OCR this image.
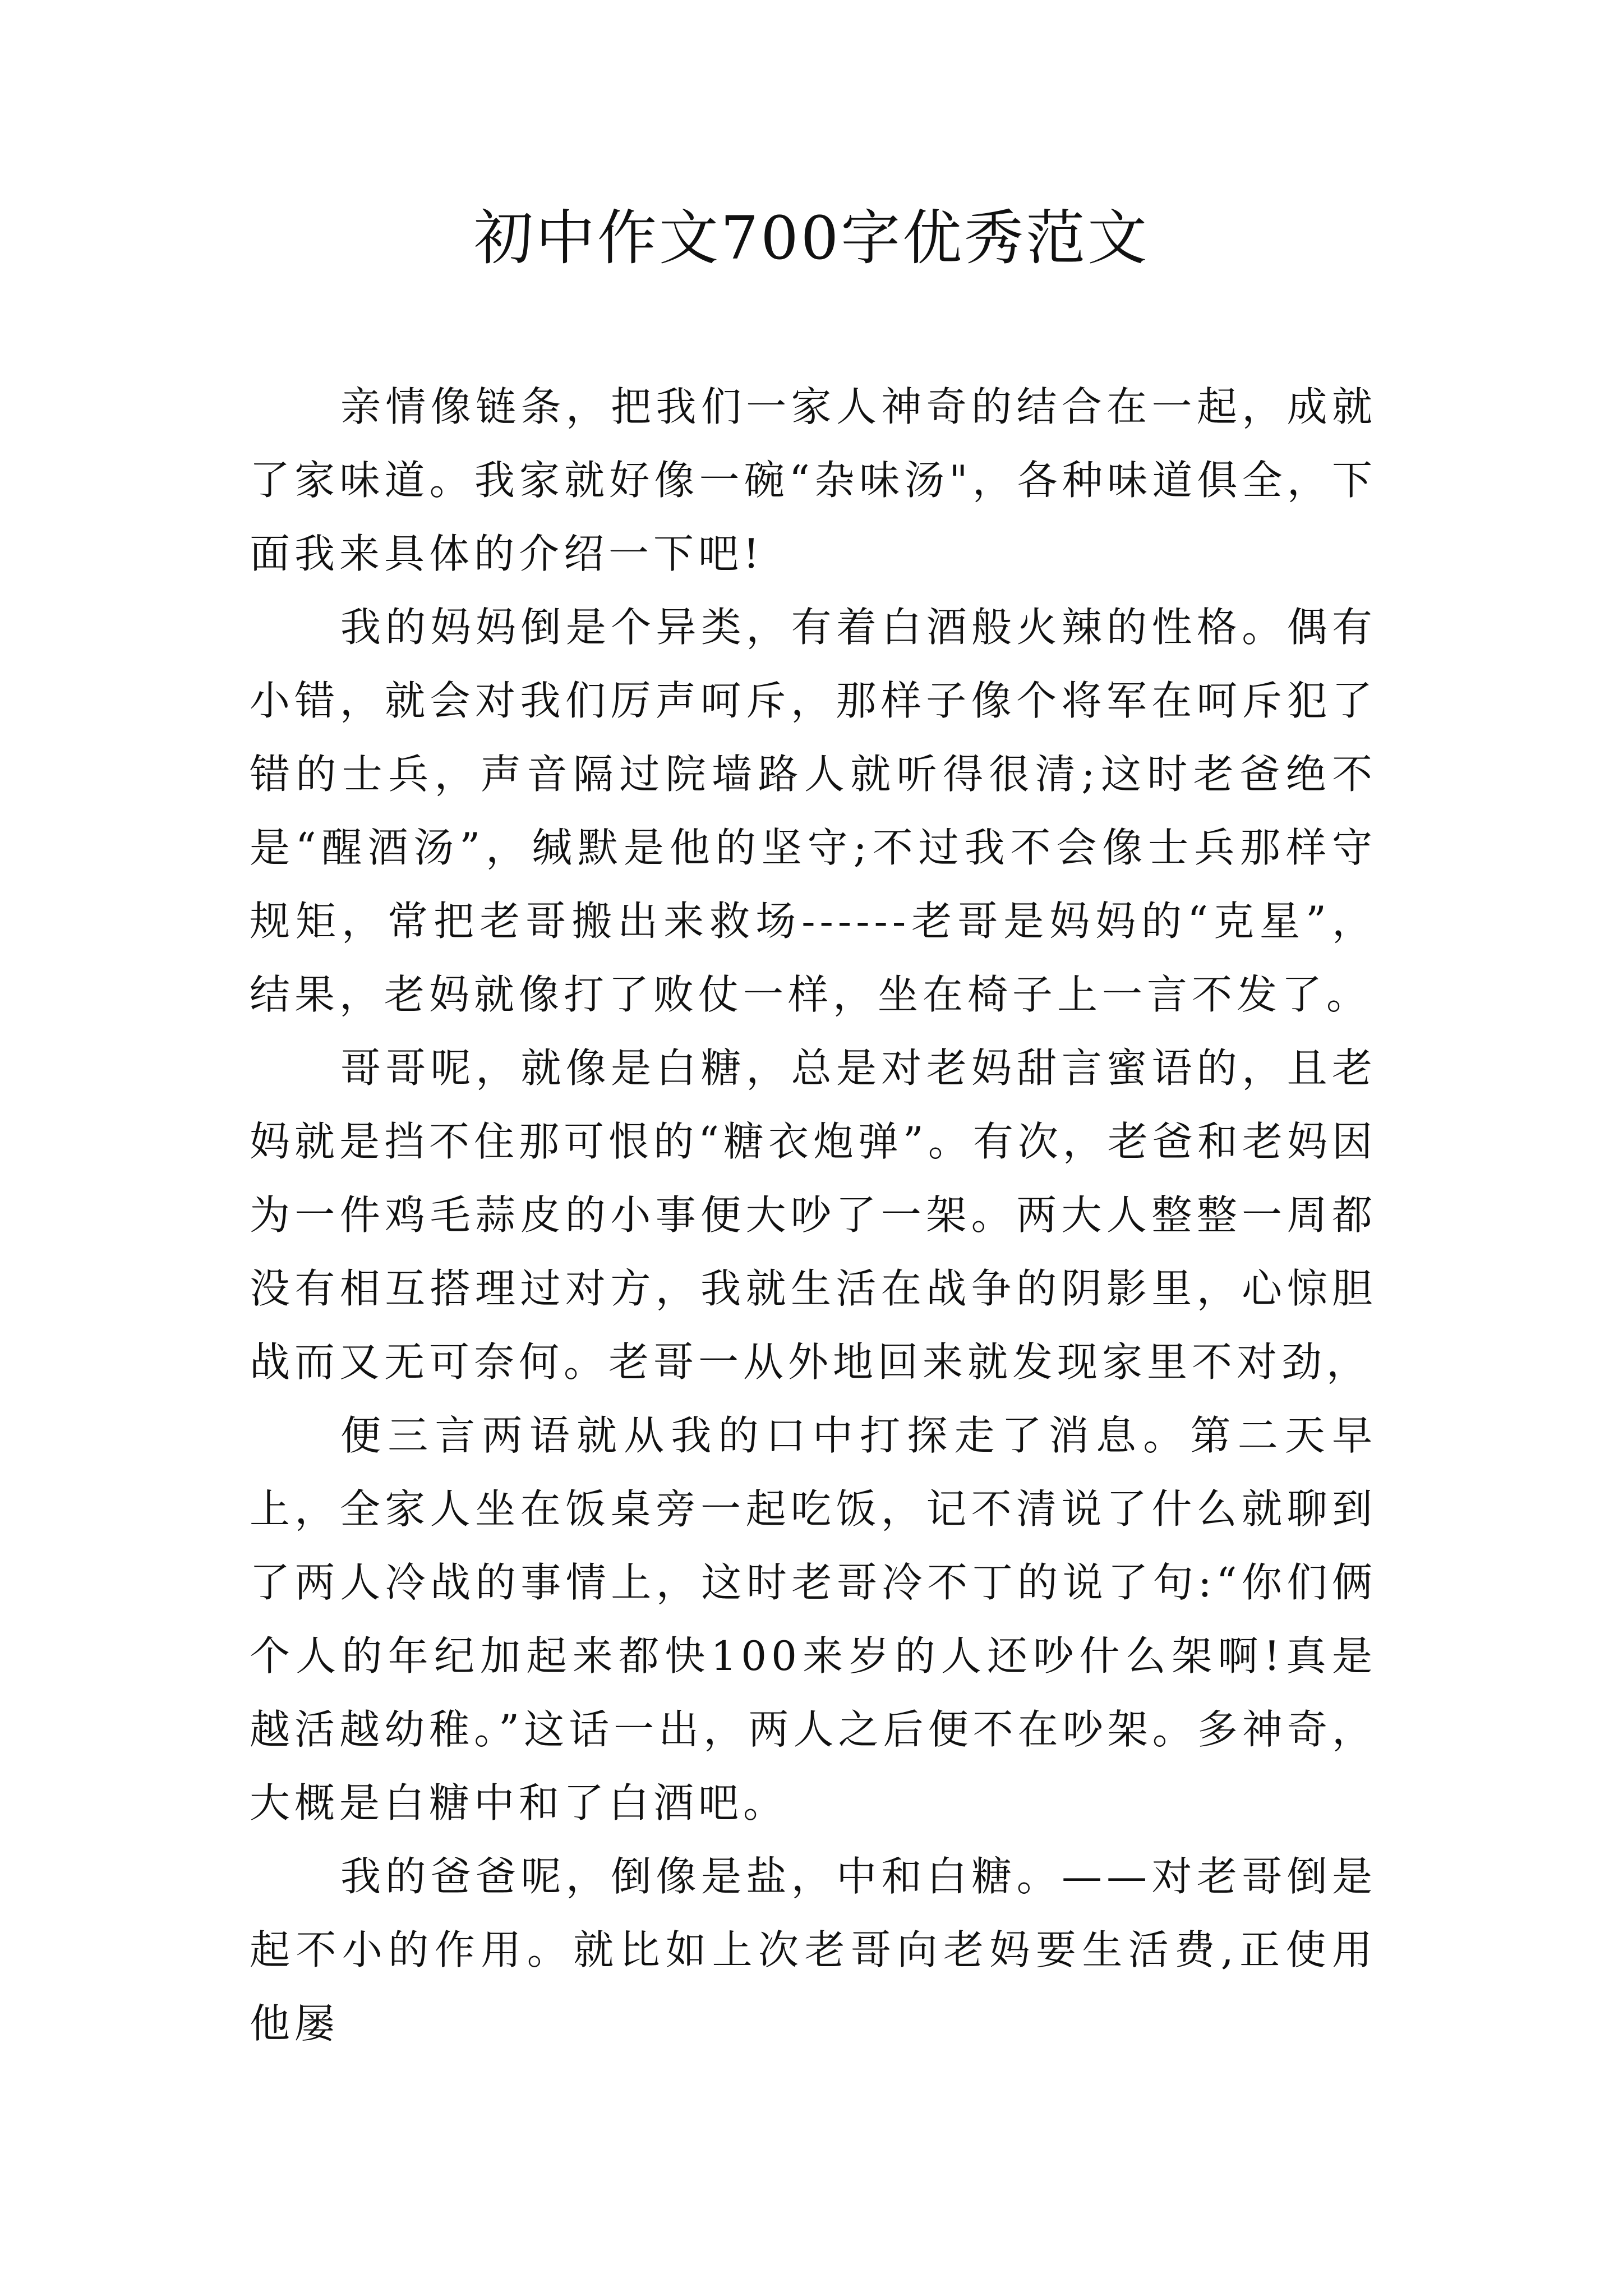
初中作文700字优秀范文

亲情像链条，把我们一家人神奇的结合在一起，成就了家味道。我家就好像一碗“杂味汤"，各种味道俱全，下面我来具体的介绍一下吧!

我的妈妈倒是个异类，有着白酒般火辣的性格。偶有小错，就会对我们厉声呵斥，那样子像个将军在呵斥犯了错的士兵，声音隔过院墙路人就听得很清;这时老爸绝不是“醒酒汤”，缄默是他的坚守;不过我不会像士兵那样守规矩，常把老哥搬出来救场------老哥是妈妈的“克星”，结果，老妈就像打了败仗一样，坐在椅子上一言不发了。

哥哥呢，就像是白糖，总是对老妈甜言蜜语的，且老妈就是挡不住那可恨的“糖衣炮弹”。有次，老爸和老妈因为一件鸡毛蒜皮的小事便大吵了一架。两大人整整一周都没有相互搭理过对方，我就生活在战争的阴影里，心惊胆战而又无可奈何。老哥一从外地回来就发现家里不对劲，

便三言两语就从我的口中打探走了消息。第二天早上，全家人坐在饭桌旁一起吃饭，记不清说了什么就聊到了两人冷战的事情上，这时老哥冷不丁的说了句:“你们俩个人的年纪加起来都快100来岁的人还吵什么架啊!真是越活越幼稚。”这话一出，两人之后便不在吵架。多神奇，大概是白糖中和了白酒吧。

我的爸爸呢，倒像是盐，中和白糖。——对老哥倒是起不小的作用。就比如上次老哥向老妈要生活费,正使用他屡
